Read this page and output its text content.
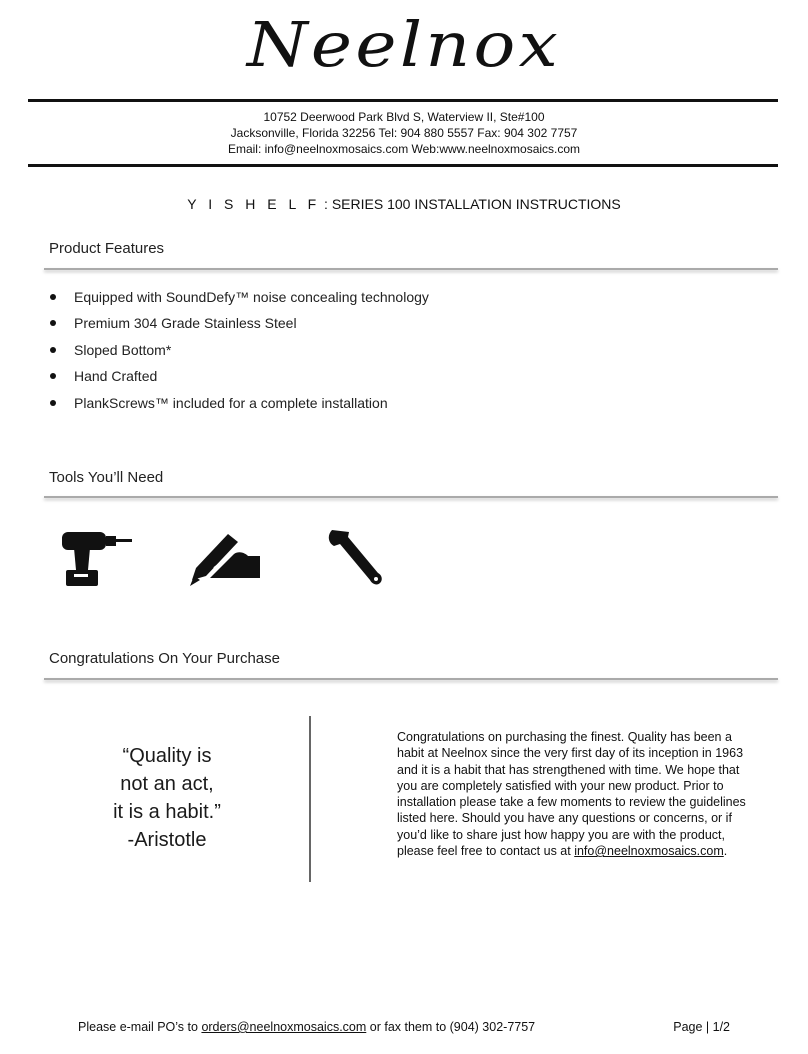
Neelnox
10752 Deerwood Park Blvd S, Waterview II, Ste#100
Jacksonville, Florida 32256 Tel: 904 880 5557 Fax: 904 302 7757
Email: info@neelnoxmosaics.com Web:www.neelnoxmosaics.com
Y I S H E L F : SERIES 100 INSTALLATION INSTRUCTIONS
Product Features
Equipped with SoundDefy™ noise concealing technology
Premium 304 Grade Stainless Steel
Sloped Bottom*
Hand Crafted
PlankScrews™ included for a complete installation
Tools You’ll Need
Congratulations On Your Purchase
“Quality is
not an act,
it is a habit.”
-Aristotle
Congratulations on purchasing the finest. Quality has been a habit at Neelnox since the very first day of its inception in 1963 and it is a habit that has strengthened with time. We hope that you are completely satisfied with your new product. Prior to installation please take a few moments to review the guidelines listed here. Should you have any questions or concerns, or if you’d like to share just how happy you are with the product, please feel free to contact us at info@neelnoxmosaics.com.
Please e-mail PO’s to orders@neelnoxmosaics.com or fax them to (904) 302-7757	Page | 1/2
